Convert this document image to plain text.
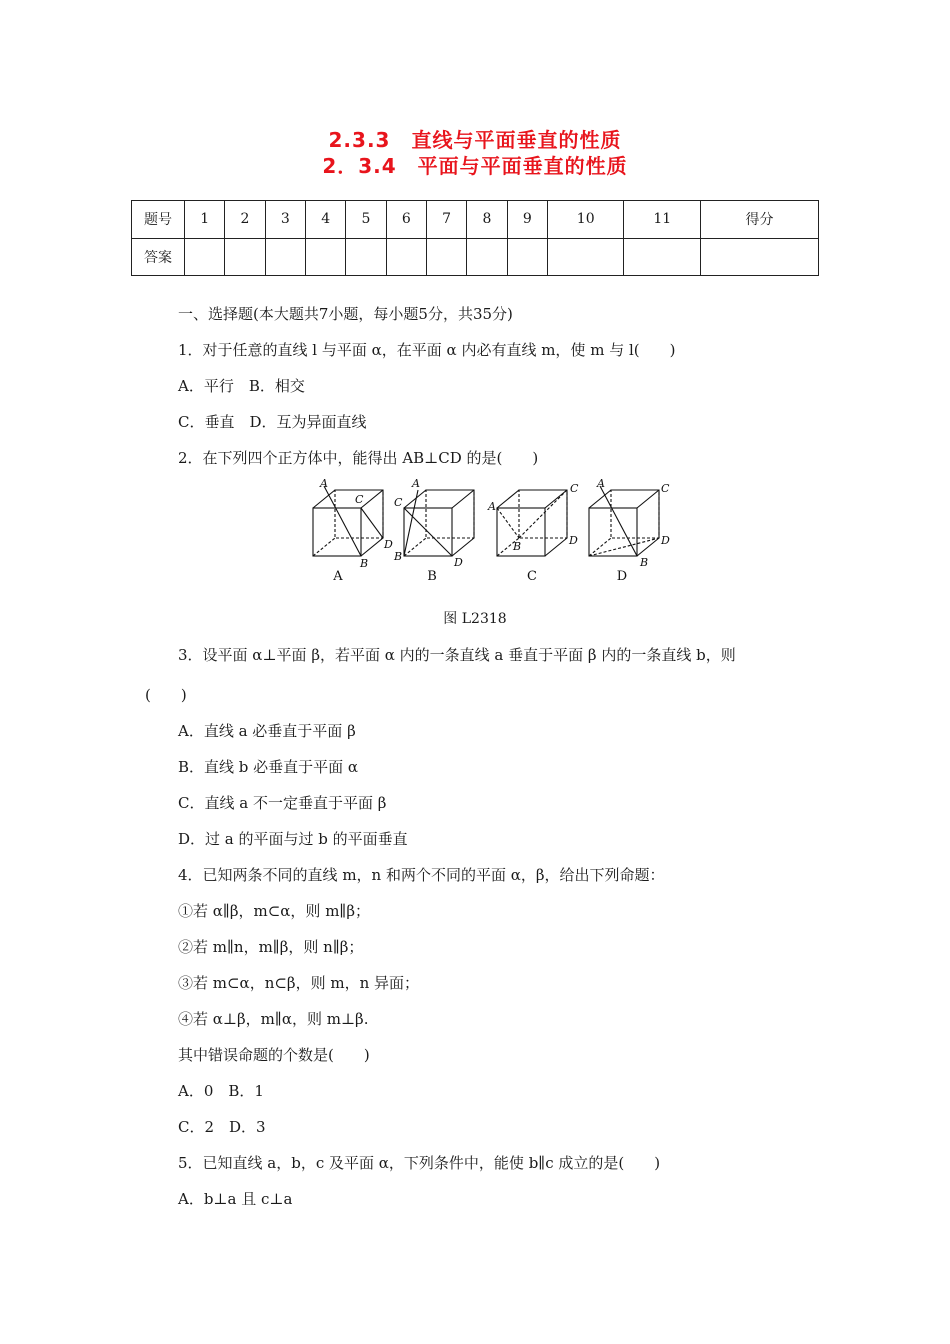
2.3.3　直线与平面垂直的性质
2．3.4　平面与平面垂直的性质
题号	1	2	3	4	5	6	7	8	9	10	11	得分
答案												
一、选择题(本大题共7小题，每小题5分，共35分)
1．对于任意的直线 l 与平面 α，在平面 α 内必有直线 m，使 m 与 l(　　)
A．平行　B．相交
C．垂直　D．互为异面直线
2．在下列四个正方体中，能得出 AB⊥CD 的是(　　)
A
C
D
B
A
C
B	D
C
A
B	D
A	C
D
B
A	B	C	D
图 L2318
3．设平面 α⊥平面 β，若平面 α 内的一条直线 a 垂直于平面 β 内的一条直线 b，则
(　　)
A．直线 a 必垂直于平面 β
B．直线 b 必垂直于平面 α
C．直线 a 不一定垂直于平面 β
D．过 a 的平面与过 b 的平面垂直
4．已知两条不同的直线 m，n 和两个不同的平面 α，β，给出下列命题：
①若 α∥β，m⊂α，则 m∥β；
②若 m∥n，m∥β，则 n∥β；
③若 m⊂α，n⊂β，则 m，n 异面；
④若 α⊥β，m∥α，则 m⊥β.
其中错误命题的个数是(　　)
A．0　B．1
C．2　D．3
5．已知直线 a，b，c 及平面 α，下列条件中，能使 b∥c 成立的是(　　)
A．b⊥a 且 c⊥a
